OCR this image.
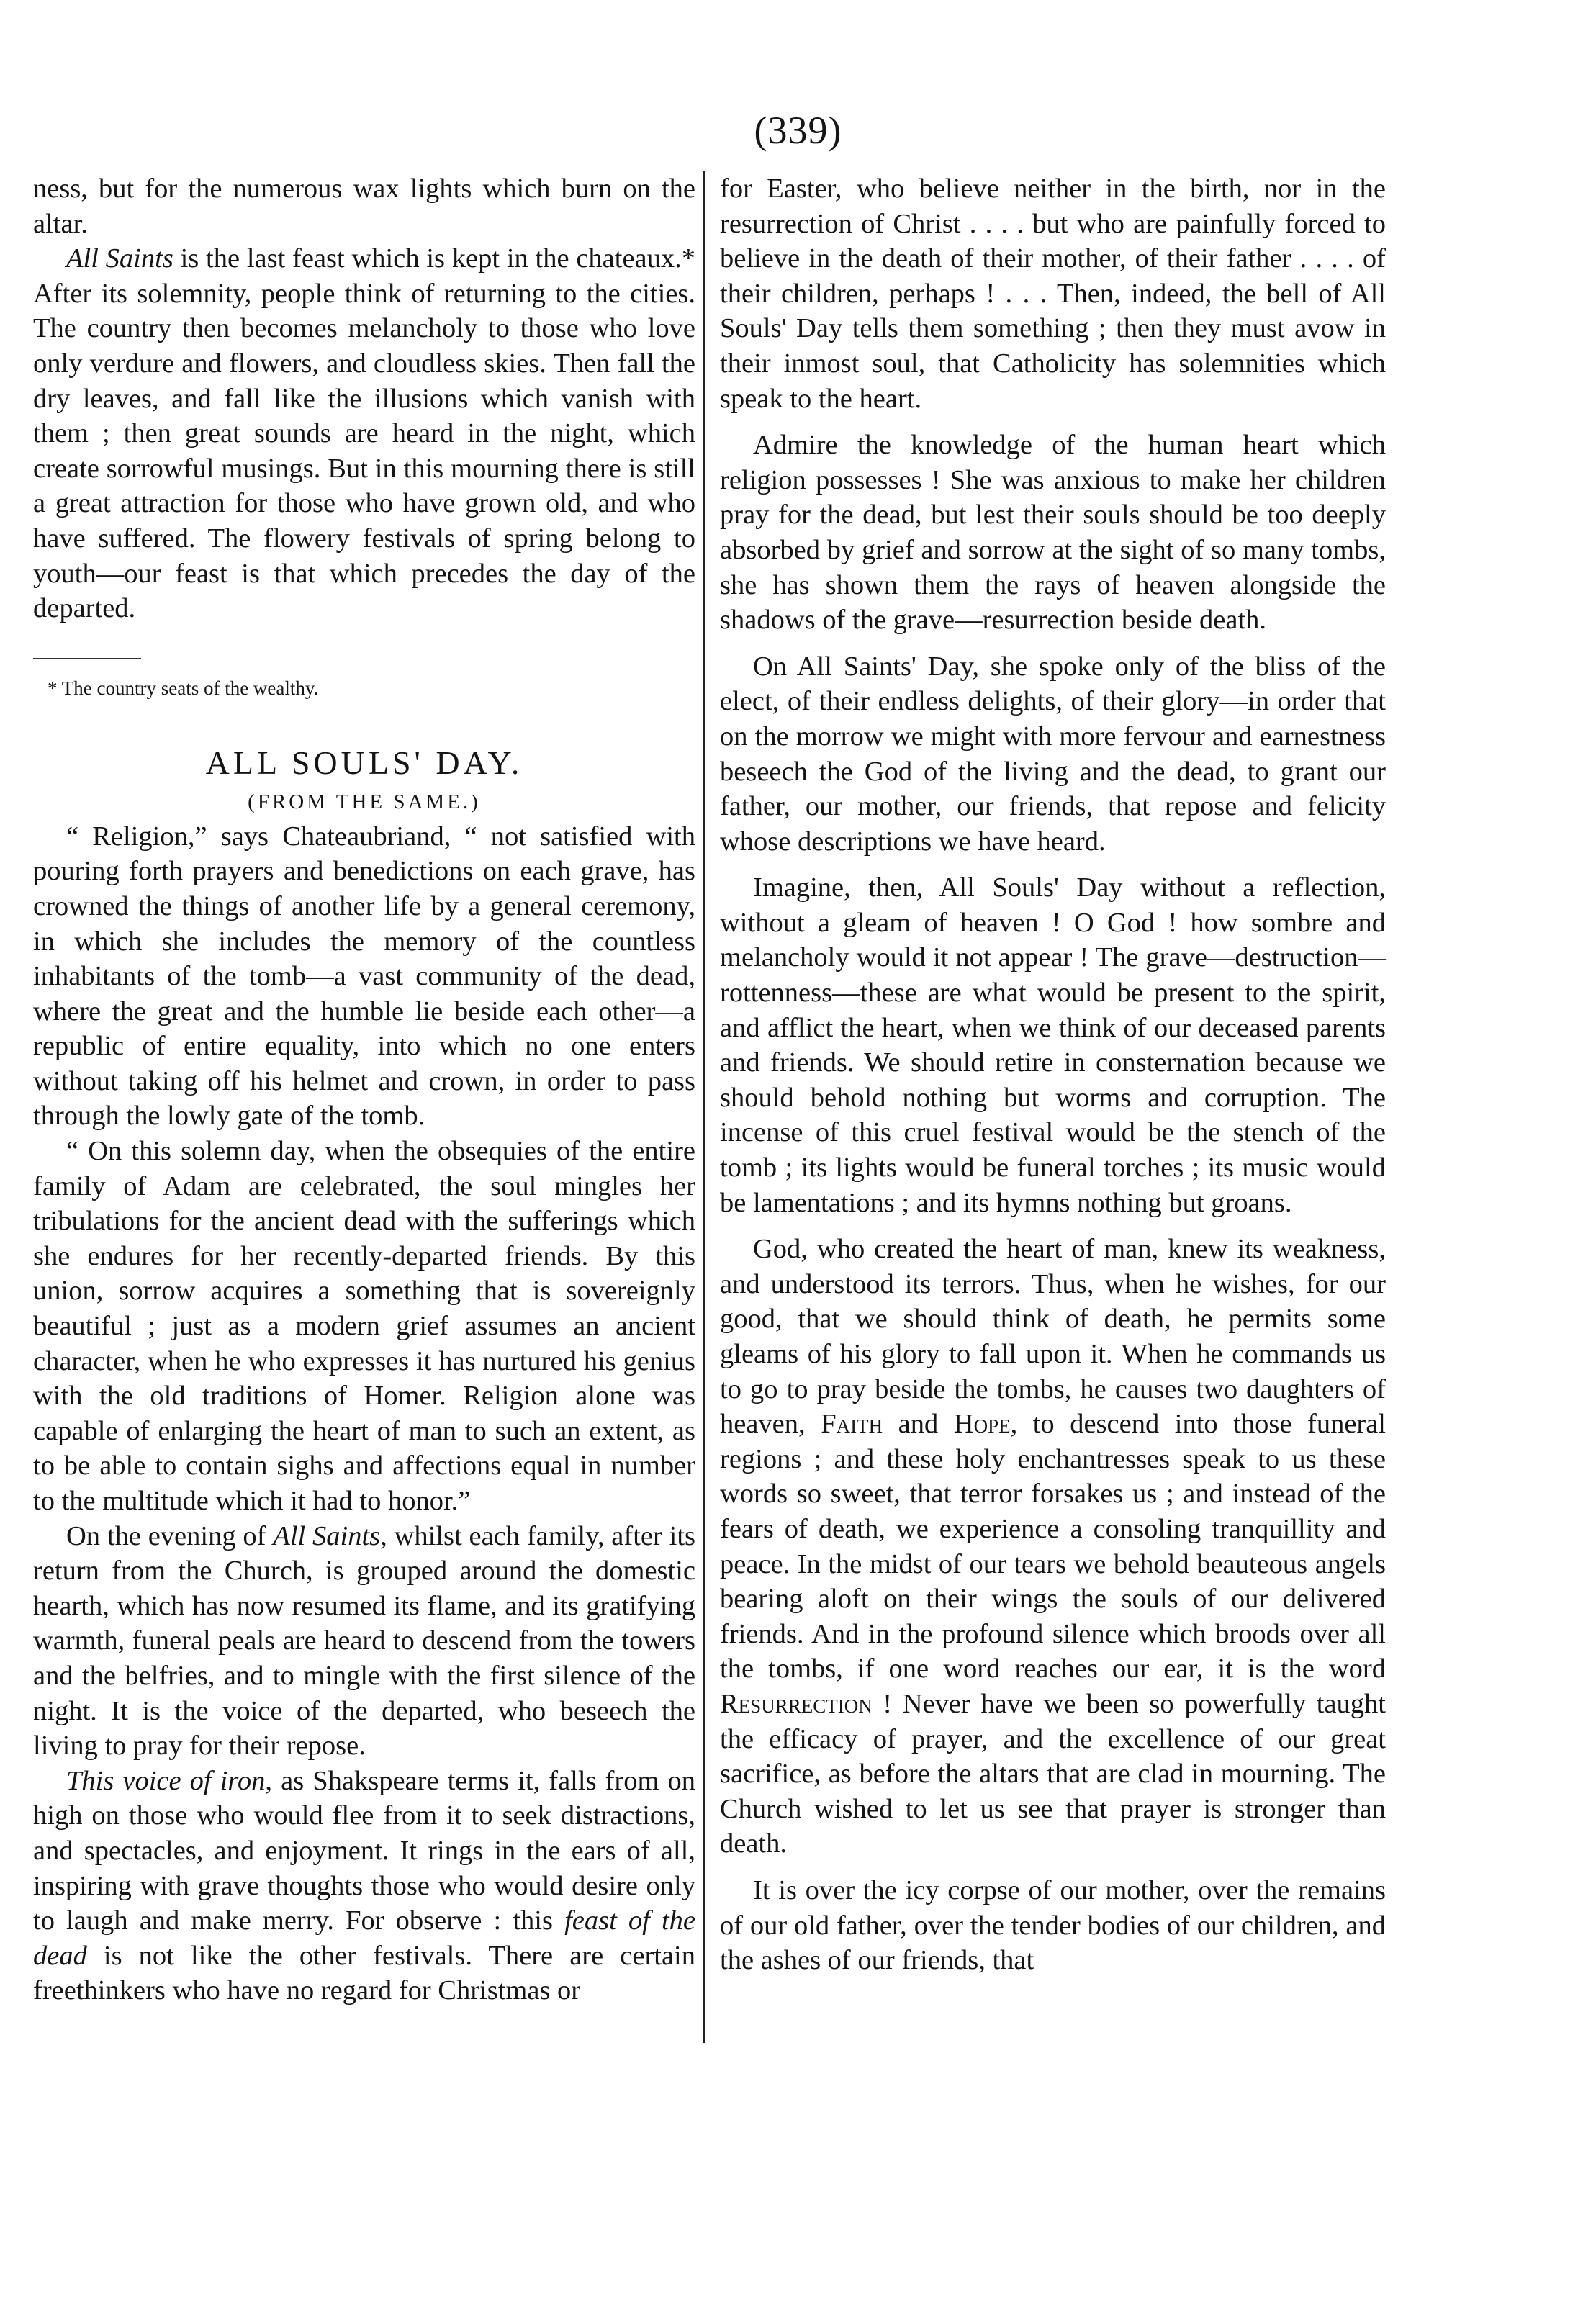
(339)

ness, but for the numerous wax lights which burn on the altar.

All Saints is the last feast which is kept in the chateaux.* After its solemnity, people think of returning to the cities. The country then becomes melancholy to those who love only verdure and flowers, and cloudless skies. Then fall the dry leaves, and fall like the illusions which vanish with them ; then great sounds are heard in the night, which create sorrowful musings. But in this mourning there is still a great attraction for those who have grown old, and who have suffered. The flowery festivals of spring belong to youth—our feast is that which precedes the day of the departed.

* The country seats of the wealthy.

ALL SOULS' DAY.
(FROM THE SAME.)

“ Religion,” says Chateaubriand, “ not satisfied with pouring forth prayers and benedictions on each grave, has crowned the things of another life by a general ceremony, in which she includes the memory of the countless inhabitants of the tomb—a vast community of the dead, where the great and the humble lie beside each other—a republic of entire equality, into which no one enters without taking off his helmet and crown, in order to pass through the lowly gate of the tomb.

“ On this solemn day, when the obsequies of the entire family of Adam are celebrated, the soul mingles her tribulations for the ancient dead with the sufferings which she endures for her recently-departed friends. By this union, sorrow acquires a something that is sovereignly beautiful ; just as a modern grief assumes an ancient character, when he who expresses it has nurtured his genius with the old traditions of Homer. Religion alone was capable of enlarging the heart of man to such an extent, as to be able to contain sighs and affections equal in number to the multitude which it had to honor.”

On the evening of All Saints, whilst each family, after its return from the Church, is grouped around the domestic hearth, which has now resumed its flame, and its gratifying warmth, funeral peals are heard to descend from the towers and the belfries, and to mingle with the first silence of the night. It is the voice of the departed, who beseech the living to pray for their repose.

This voice of iron, as Shakspeare terms it, falls from on high on those who would flee from it to seek distractions, and spectacles, and enjoyment. It rings in the ears of all, inspiring with grave thoughts those who would desire only to laugh and make merry. For observe : this feast of the dead is not like the other festivals. There are certain freethinkers who have no regard for Christmas or

for Easter, who believe neither in the birth, nor in the resurrection of Christ . . . . but who are painfully forced to believe in the death of their mother, of their father . . . . of their children, perhaps ! . . . Then, indeed, the bell of All Souls' Day tells them something ; then they must avow in their inmost soul, that Catholicity has solemnities which speak to the heart.

Admire the knowledge of the human heart which religion possesses ! She was anxious to make her children pray for the dead, but lest their souls should be too deeply absorbed by grief and sorrow at the sight of so many tombs, she has shown them the rays of heaven alongside the shadows of the grave—resurrection beside death.

On All Saints' Day, she spoke only of the bliss of the elect, of their endless delights, of their glory—in order that on the morrow we might with more fervour and earnestness beseech the God of the living and the dead, to grant our father, our mother, our friends, that repose and felicity whose descriptions we have heard.

Imagine, then, All Souls' Day without a reflection, without a gleam of heaven ! O God ! how sombre and melancholy would it not appear ! The grave—destruction—rottenness—these are what would be present to the spirit, and afflict the heart, when we think of our deceased parents and friends. We should retire in consternation because we should behold nothing but worms and corruption. The incense of this cruel festival would be the stench of the tomb ; its lights would be funeral torches ; its music would be lamentations ; and its hymns nothing but groans.

God, who created the heart of man, knew its weakness, and understood its terrors. Thus, when he wishes, for our good, that we should think of death, he permits some gleams of his glory to fall upon it. When he commands us to go to pray beside the tombs, he causes two daughters of heaven, Faith and Hope, to descend into those funeral regions ; and these holy enchantresses speak to us these words so sweet, that terror forsakes us ; and instead of the fears of death, we experience a consoling tranquillity and peace. In the midst of our tears we behold beauteous angels bearing aloft on their wings the souls of our delivered friends. And in the profound silence which broods over all the tombs, if one word reaches our ear, it is the word Resurrection ! Never have we been so powerfully taught the efficacy of prayer, and the excellence of our great sacrifice, as before the altars that are clad in mourning. The Church wished to let us see that prayer is stronger than death.

It is over the icy corpse of our mother, over the remains of our old father, over the tender bodies of our children, and the ashes of our friends, that
